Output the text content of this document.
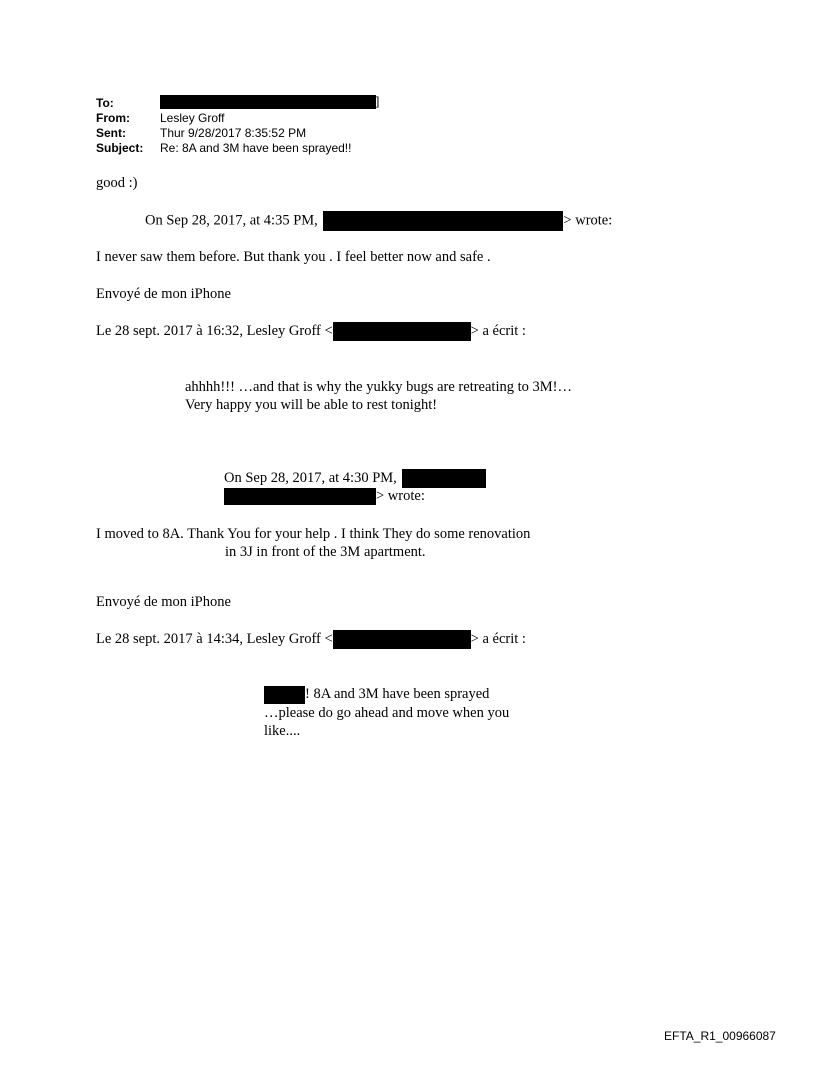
To:	]
From:	Lesley Groff
Sent:	Thur 9/28/2017 8:35:52 PM
Subject: Re: 8A and 3M have been sprayed!!
good :)
On Sep 28, 2017, at 4:35 PM,	> wrote:
I never saw them before. But thank you . I feel better now and safe .
Envoyé de mon iPhone
Le 28 sept. 2017 à 16:32, Lesley Groff <	> a écrit :
ahhhh!!! …and that is why the yukky bugs are retreating to 3M!…
Very happy you will be able to rest tonight!
On Sep 28, 2017, at 4:30 PM,
> wrote:
I moved to 8A. Thank You for your help . I think They do some renovation
in 3J in front of the 3M apartment.
Envoyé de mon iPhone
Le 28 sept. 2017 à 14:34, Lesley Groff <	> a écrit :
! 8A and 3M have been sprayed
…please do go ahead and move when you
like....
EFTA_R1_00966087
